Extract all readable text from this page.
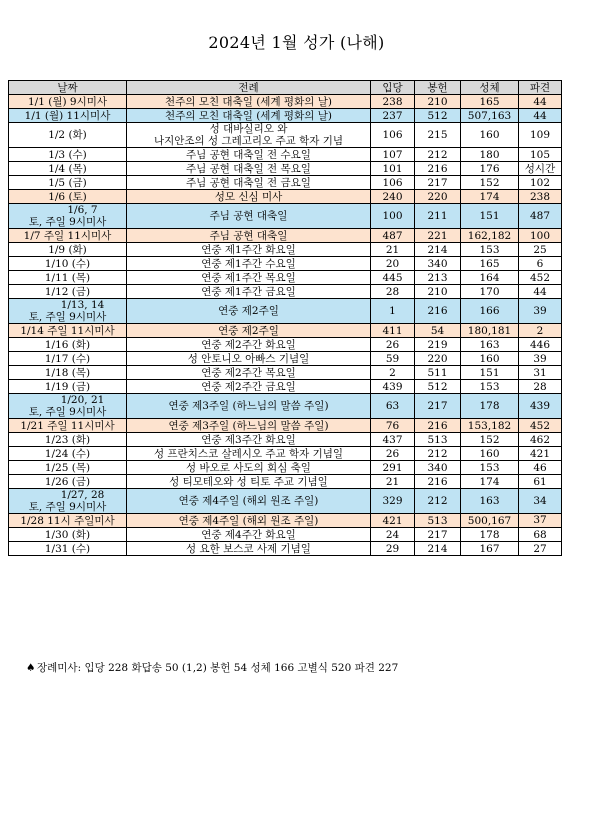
2024년 1월 성가 (나해)
날짜	전례	입당	봉헌	성체	파견
1/1 (월) 9시미사	천주의 모친 대축일 (세계 평화의 날)	238	210	165	44
1/1 (월) 11시미사	천주의 모친 대축일 (세계 평화의 날)	237	512	507,163	44
1/2 (화)	성 대바실리오 와
나지안조의 성 그레고리오 주교 학자 기념	106	215	160	109
1/3 (수)	주님 공현 대축일 전 수요일	107	212	180	105
1/4 (목)	주님 공현 대축일 전 목요일	101	216	176	성시간
1/5 (금)	주님 공현 대축일 전 금요일	106	217	152	102
1/6 (토)	성모 신심 미사	240	220	174	238

1/6, 7
토, 주일 9시미사	주님 공현 대축일	100	211	151	487
1/7 주일 11시미사	주님 공현 대축일	487	221	162,182	100
1/9 (화)	연중 제1주간 화요일	21	214	153	25
1/10 (수)	연중 제1주간 수요일	20	340	165	6
1/11 (목)	연중 제1주간 목요일	445	213	164	452
1/12 (금)	연중 제1주간 금요일	28	210	170	44

1/13, 14
토, 주일 9시미사	연중 제2주일	1	216	166	39
1/14 주일 11시미사	연중 제2주일	411	54	180,181	2
1/16 (화)	연중 제2주간 화요일	26	219	163	446
1/17 (수)	성 안토니오 아빠스 기념일	59	220	160	39
1/18 (목)	연중 제2주간 목요일	2	511	151	31
1/19 (금)	연중 제2주간 금요일	439	512	153	28

1/20, 21
토, 주일 9시미사	연중 제3주일 (하느님의 말씀 주일)	63	217	178	439
1/21 주일 11시미사	연중 제3주일 (하느님의 말씀 주일)	76	216	153,182	452
1/23 (화)	연중 제3주간 화요일	437	513	152	462
1/24 (수)	성 프란치스코 살레시오 주교 학자 기념일	26	212	160	421
1/25 (목)	성 바오로 사도의 회심 축일	291	340	153	46
1/26 (금)	성 티모테오와 성 티토 주교 기념일	21	216	174	61

1/27, 28
토, 주일 9시미사	연중 제4주일 (해외 원조 주일)	329	212	163	34
1/28 11시 주일미사	연중 제4주일 (해외 원조 주일)	421	513	500,167	37
1/30 (화)	연중 제4주간 화요일	24	217	178	68
1/31 (수)	성 요한 보스코 사제 기념일	29	214	167	27
♠ 장례미사: 입당 228 화답송 50 (1,2) 봉헌 54 성체 166 고별식 520 파견 227
